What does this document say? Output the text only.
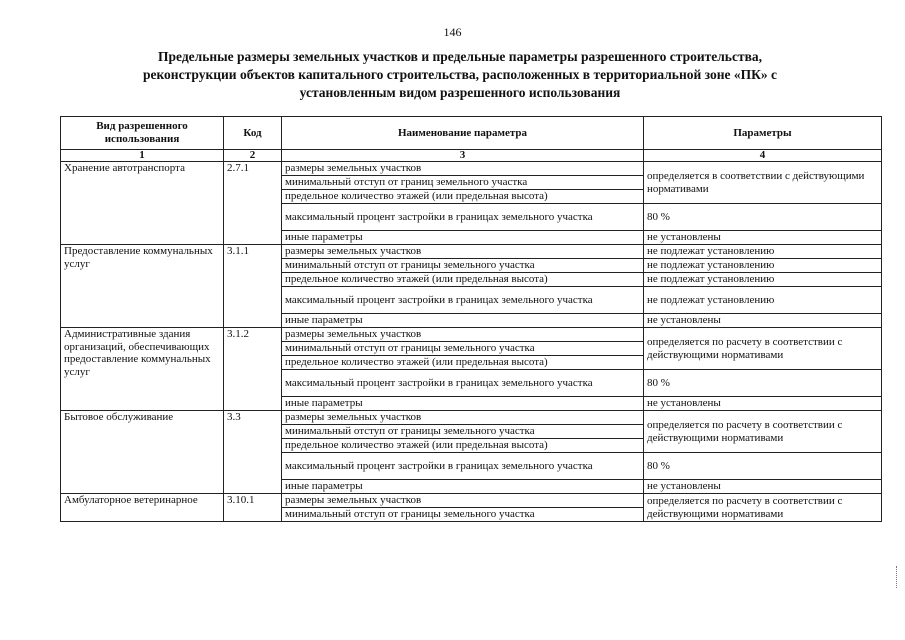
146
Предельные размеры земельных участков и предельные параметры разрешенного строительства,
реконструкции объектов капитального строительства, расположенных в территориальной зоне «ПК» с
установленным видом разрешенного использования
Вид разрешенного использования	Код	Наименование параметра	Параметры
1	2	3	4
Хранение автотранспорта	2.7.1	размеры земельных участков	определяется в соответствии с действующими нормативами
		минимальный отступ от границ земельного участка	
		предельное количество этажей (или предельная высота)	
		максимальный процент застройки в границах земельного участка	80 %
		иные параметры	не установлены
Предоставление коммунальных услуг	3.1.1	размеры земельных участков	не подлежат установлению
		минимальный отступ от границы земельного участка	не подлежат установлению
		предельное количество этажей (или предельная высота)	не подлежат установлению
		максимальный процент застройки в границах земельного участка	не подлежат установлению
		иные параметры	не установлены
Административные здания организаций, обеспечивающих предоставление коммунальных услуг	3.1.2	размеры земельных участков	определяется по расчету в соответствии с действующими нормативами
		минимальный отступ от границы земельного участка	
		предельное количество этажей (или предельная высота)	
		максимальный процент застройки в границах земельного участка	80 %
		иные параметры	не установлены
Бытовое обслуживание	3.3	размеры земельных участков	определяется по расчету в соответствии с действующими нормативами
		минимальный отступ от границы земельного участка	
		предельное количество этажей (или предельная высота)	
		максимальный процент застройки в границах земельного участка	80 %
		иные параметры	не установлены
Амбулаторное ветеринарное	3.10.1	размеры земельных участков	определяется по расчету в соответствии с действующими нормативами
		минимальный отступ от границы земельного участка	
